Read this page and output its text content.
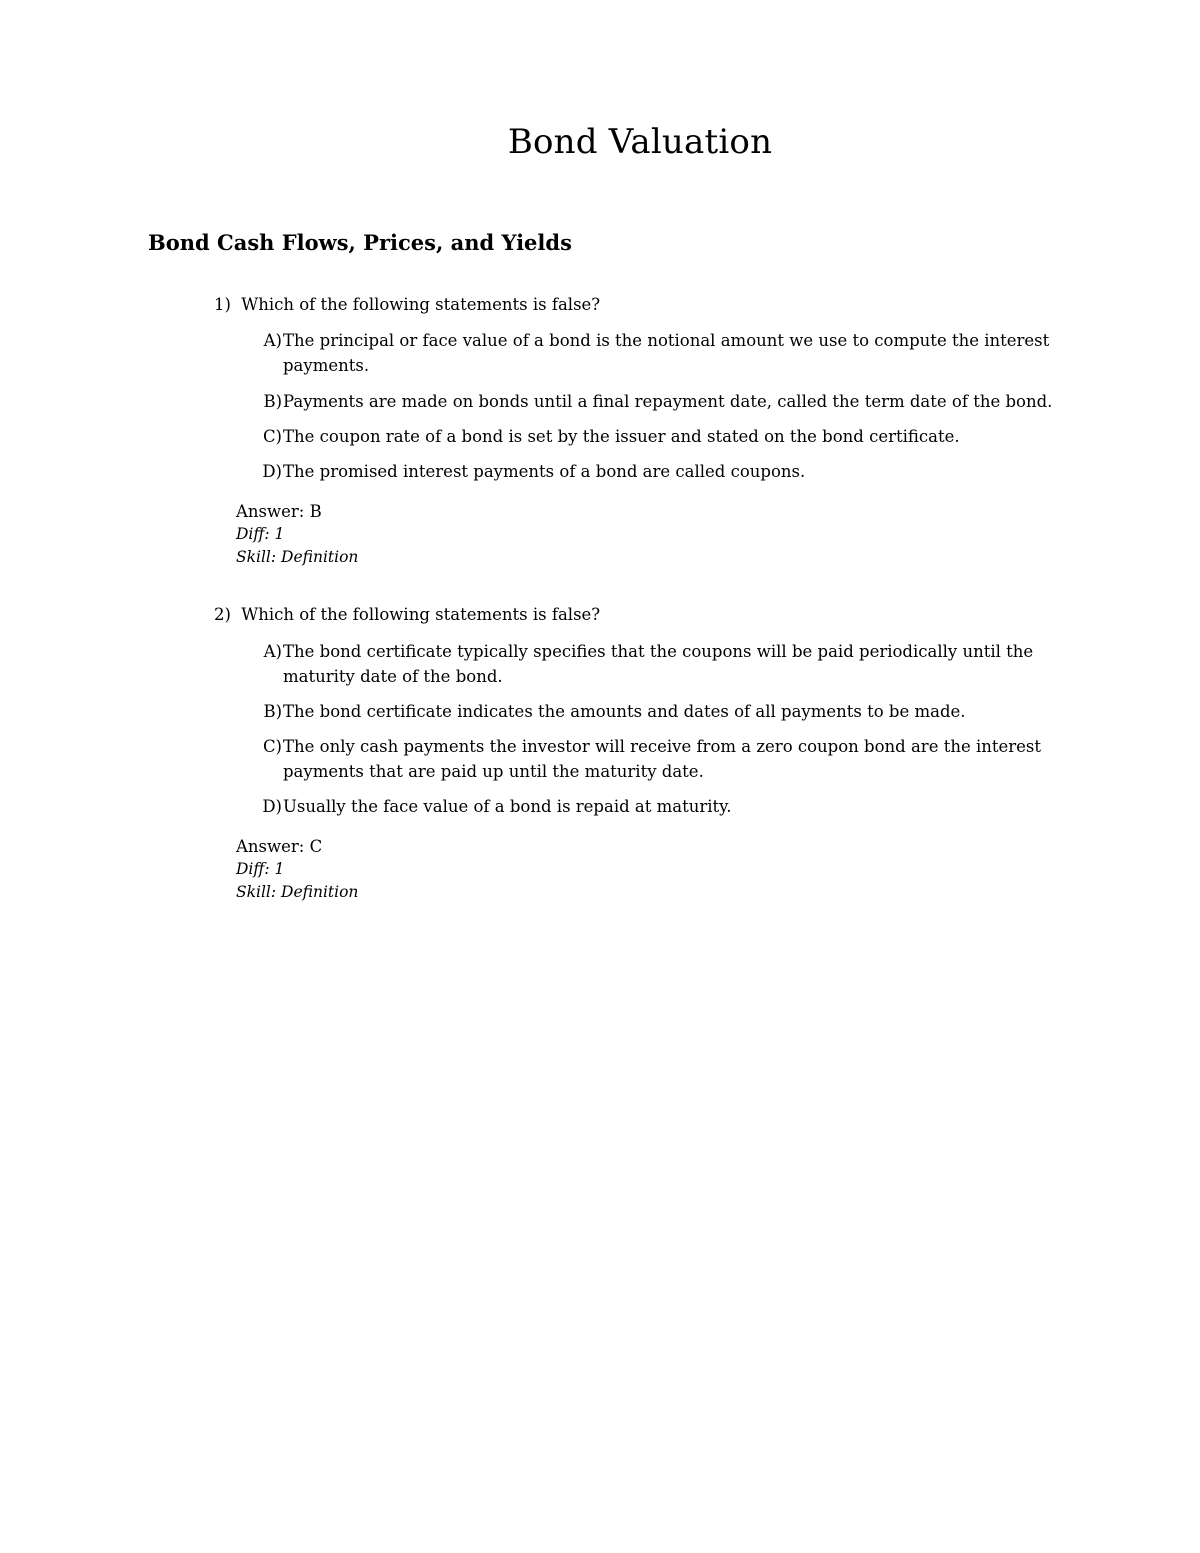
Bond Valuation
Bond Cash Flows, Prices, and Yields
1) Which of the following statements is false?
A) The principal or face value of a bond is the notional amount we use to compute the interest payments.
B) Payments are made on bonds until a final repayment date, called the term date of the bond.
C) The coupon rate of a bond is set by the issuer and stated on the bond certificate.
D) The promised interest payments of a bond are called coupons.
Answer: B
Diff: 1
Skill: Definition
2) Which of the following statements is false?
A) The bond certificate typically specifies that the coupons will be paid periodically until the maturity date of the bond.
B) The bond certificate indicates the amounts and dates of all payments to be made.
C) The only cash payments the investor will receive from a zero coupon bond are the interest payments that are paid up until the maturity date.
D) Usually the face value of a bond is repaid at maturity.
Answer: C
Diff: 1
Skill: Definition
